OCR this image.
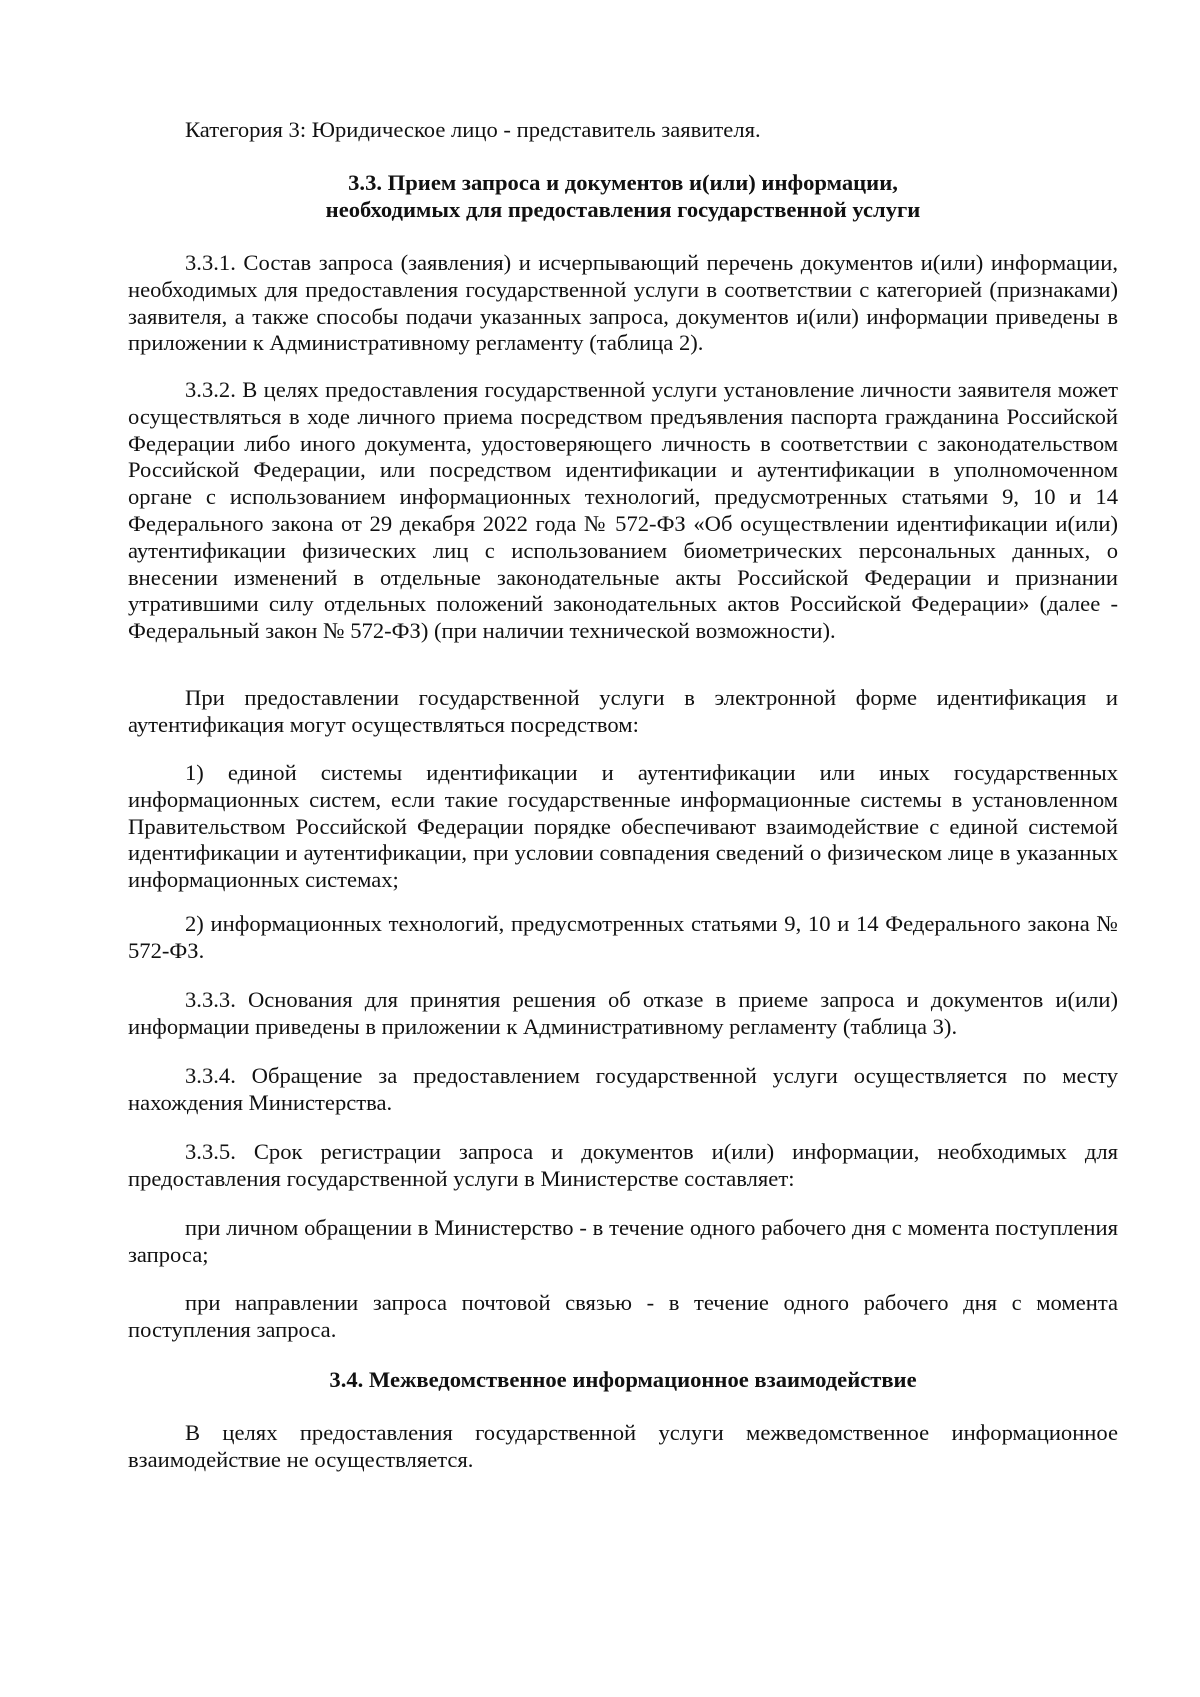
Категория 3: Юридическое лицо - представитель заявителя.
3.3. Прием запроса и документов и(или) информации,
необходимых для предоставления государственной услуги

3.3.1. Состав запроса (заявления) и исчерпывающий перечень документов и(или) информации, необходимых для предоставления государственной услуги в соответствии с категорией (признаками) заявителя, а также способы подачи указанных запроса, документов и(или) информации приведены в приложении к Административному регламенту (таблица 2).

3.3.2. В целях предоставления государственной услуги установление личности заявителя может осуществляться в ходе личного приема посредством предъявления паспорта гражданина Российской Федерации либо иного документа, удостоверяющего личность в соответствии с законодательством Российской Федерации, или посредством идентификации и аутентификации в уполномоченном органе с использованием информационных технологий, предусмотренных статьями 9, 10 и 14 Федерального закона от 29 декабря 2022 года № 572-ФЗ «Об осуществлении идентификации и(или) аутентификации физических лиц с использованием биометрических персональных данных, о внесении изменений в отдельные законодательные акты Российской Федерации и признании утратившими силу отдельных положений законодательных актов Российской Федерации» (далее - Федеральный закон № 572-ФЗ) (при наличии технической возможности).

При предоставлении государственной услуги в электронной форме идентификация и аутентификация могут осуществляться посредством:

1) единой системы идентификации и аутентификации или иных государственных информационных систем, если такие государственные информационные системы в установленном Правительством Российской Федерации порядке обеспечивают взаимодействие с единой системой идентификации и аутентификации, при условии совпадения сведений о физическом лице в указанных информационных системах;

2) информационных технологий, предусмотренных статьями 9, 10 и 14 Федерального закона № 572-ФЗ.

3.3.3. Основания для принятия решения об отказе в приеме запроса и документов и(или) информации приведены в приложении к Административному регламенту (таблица 3).

3.3.4. Обращение за предоставлением государственной услуги осуществляется по месту нахождения Министерства.

3.3.5. Срок регистрации запроса и документов и(или) информации, необходимых для предоставления государственной услуги в Министерстве составляет:

при личном обращении в Министерство - в течение одного рабочего дня с момента поступления запроса;

при направлении запроса почтовой связью - в течение одного рабочего дня с момента поступления запроса.

3.4. Межведомственное информационное взаимодействие

В целях предоставления государственной услуги межведомственное информационное взаимодействие не осуществляется.
